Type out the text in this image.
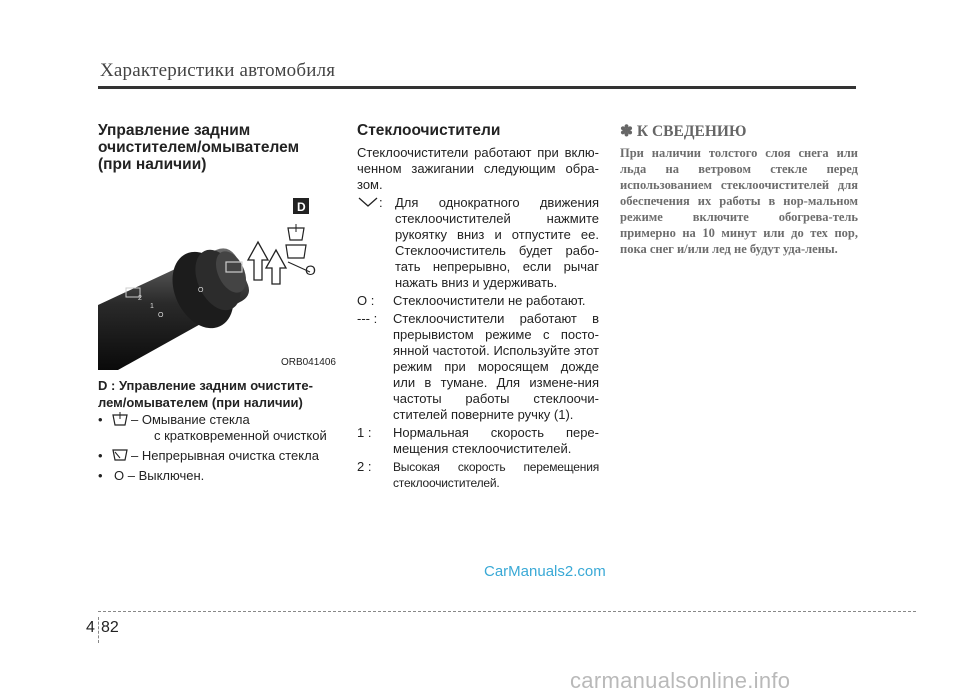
Характеристики автомобиля
Управление задним
очистителем/омывателем
(при наличии)
2
1
O
O
D
O
ORB041406
D : Управление задним очистите-
лем/омывателем (при наличии)
• – Омывание стекла
с кратковременной очисткой
• – Непрерывная очистка стекла
• O – Выключен.
Стеклоочистители

Стеклоочистители работают при вклю-ченном зажигании следующим обра-зом.

: Для однократного движения стеклоочистителей нажмите рукоятку вниз и отпустите ее. Стеклоочиститель будет рабо-тать непрерывно, если рычаг нажать вниз и удерживать.
O :	Стеклоочистители не работают.
--- :	Стеклоочистители работают в прерывистом режиме с посто-янной частотой. Используйте этот режим при моросящем дожде или в тумане. Для измене-ния частоты работы стеклоочи-стителей поверните ручку (1).
1 :	Нормальная скорость пере-мещения стеклоочистителей.
2 :	Высокая скорость перемещения стеклоочистителей.
✽ К СВЕДЕНИЮ
При наличии толстого слоя снега или льда на ветровом стекле перед использованием стеклоочистителей для обеспечения их работы в нор-мальном режиме включите обогрева-тель примерно на 10 минут или до тех пор, пока снег и/или лед не будут уда-лены.
CarManuals2.com
4 82
carmanualsonline.info
